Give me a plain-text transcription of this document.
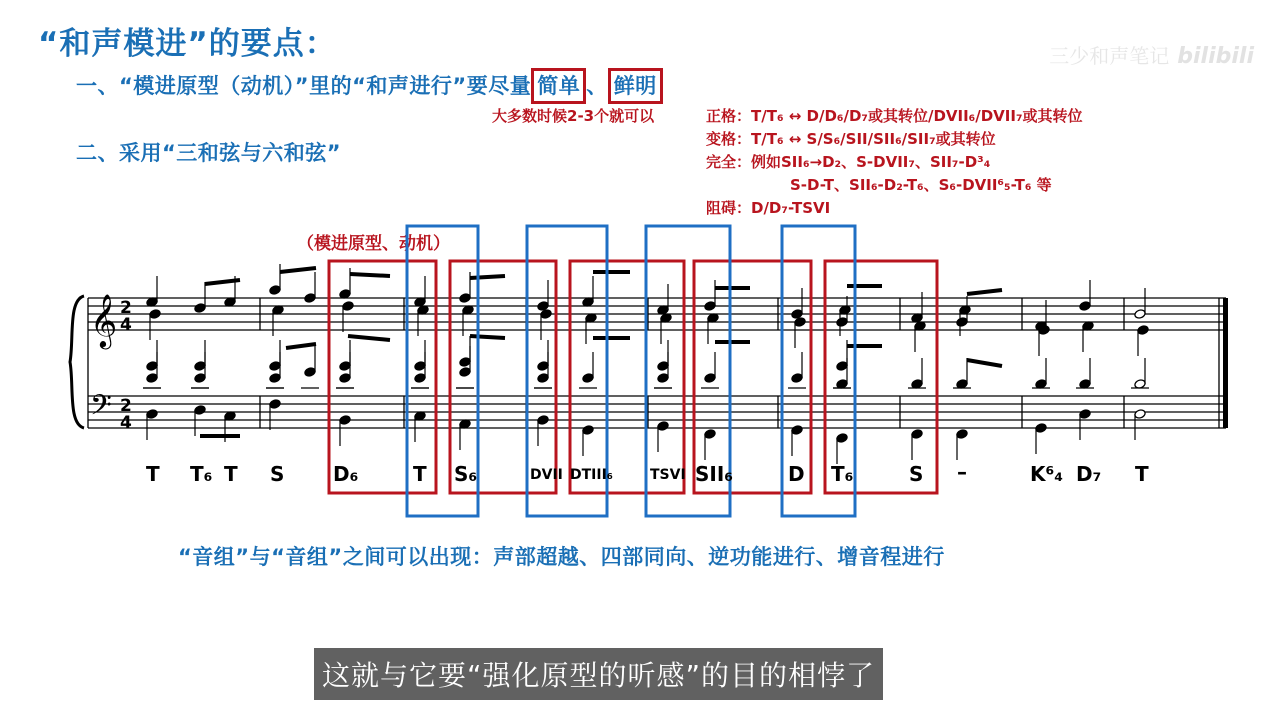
“和声模进”的要点：
一、“模进原型（动机）”里的“和声进行”要尽量 简单 、 鲜明
大多数时候2-3个就可以
二、采用“三和弦与六和弦”
正格：T/T₆ ↔ D/D₆/D₇或其转位/DVII₆/DVII₇或其转位
变格：T/T₆ ↔ S/S₆/SII/SII₆/SII₇或其转位
完全：例如SII₆→D₂、S-DVII₇、SII₇-D³₄
S-D-T、SII₆-D₂-T₆、S₆-DVII⁶₅-T₆ 等
阻碍：D/D₇-TSVI
三少和声笔记 bilibili
（模进原型、动机）
𝄞
𝄢
2
4
2
4
T T₆ T S D₆	T S₆	DVII DTIII₆	TSVI SII₆	D T₆	S –	K⁶₄ D₇ T
“音组”与“音组”之间可以出现：声部超越、四部同向、逆功能进行、增音程进行
这就与它要“强化原型的听感”的目的相悖了
